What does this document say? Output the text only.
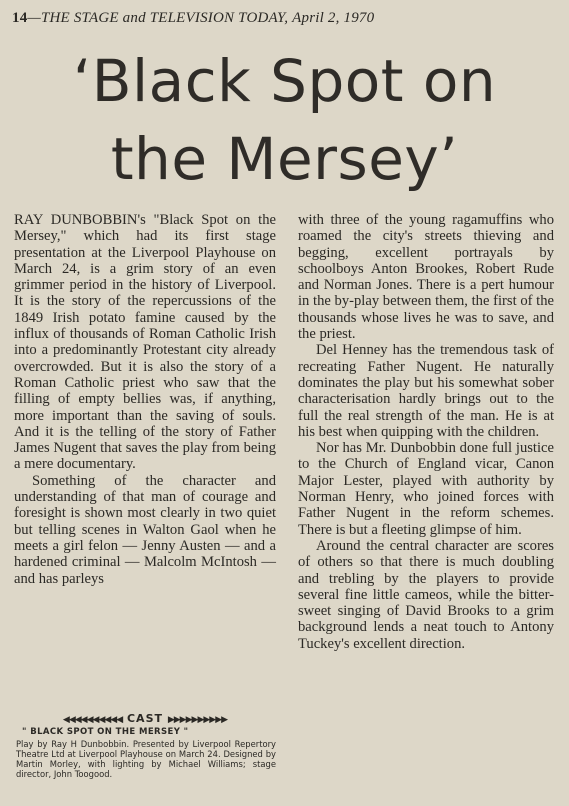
14—THE STAGE and TELEVISION TODAY, April 2, 1970
‘Black Spot on
the Mersey’

RAY DUNBOBBIN's "Black Spot on the Mersey," which had its first stage presentation at the Liverpool Playhouse on March 24, is a grim story of an even grimmer period in the history of Liverpool. It is the story of the repercussions of the 1849 Irish potato famine caused by the influx of thousands of Roman Catholic Irish into a predominantly Protestant city already overcrowded. But it is also the story of a Roman Catholic priest who saw that the filling of empty bellies was, if anything, more important than the saving of souls. And it is the telling of the story of Father James Nugent that saves the play from being a mere documentary.

Something of the character and understanding of that man of courage and foresight is shown most clearly in two quiet but telling scenes in Walton Gaol when he meets a girl felon — Jenny Austen — and a hardened criminal — Malcolm McIntosh — and has parleys

◀◀◀◀◀◀◀◀◀◀ CAST ▶▶▶▶▶▶▶▶▶▶
" BLACK SPOT ON THE MERSEY "
Play by Ray H Dunbobbin. Presented by Liverpool Repertory Theatre Ltd at Liverpool Playhouse on March 24. Designed by Martin Morley, with lighting by Michael Williams; stage director, John Toogood.

with three of the young ragamuffins who roamed the city's streets thieving and begging, excellent portrayals by schoolboys Anton Brookes, Robert Rude and Norman Jones. There is a pert humour in the by-play between them, the first of the thousands whose lives he was to save, and the priest.

Del Henney has the tremendous task of recreating Father Nugent. He naturally dominates the play but his somewhat sober characterisation hardly brings out to the full the real strength of the man. He is at his best when quipping with the children.

Nor has Mr. Dunbobbin done full justice to the Church of England vicar, Canon Major Lester, played with authority by Norman Henry, who joined forces with Father Nugent in the reform schemes. There is but a fleeting glimpse of him.

Around the central character are scores of others so that there is much doubling and trebling by the players to provide several fine little cameos, while the bitter-sweet singing of David Brooks to a grim background lends a neat touch to Antony Tuckey's excellent direction.
